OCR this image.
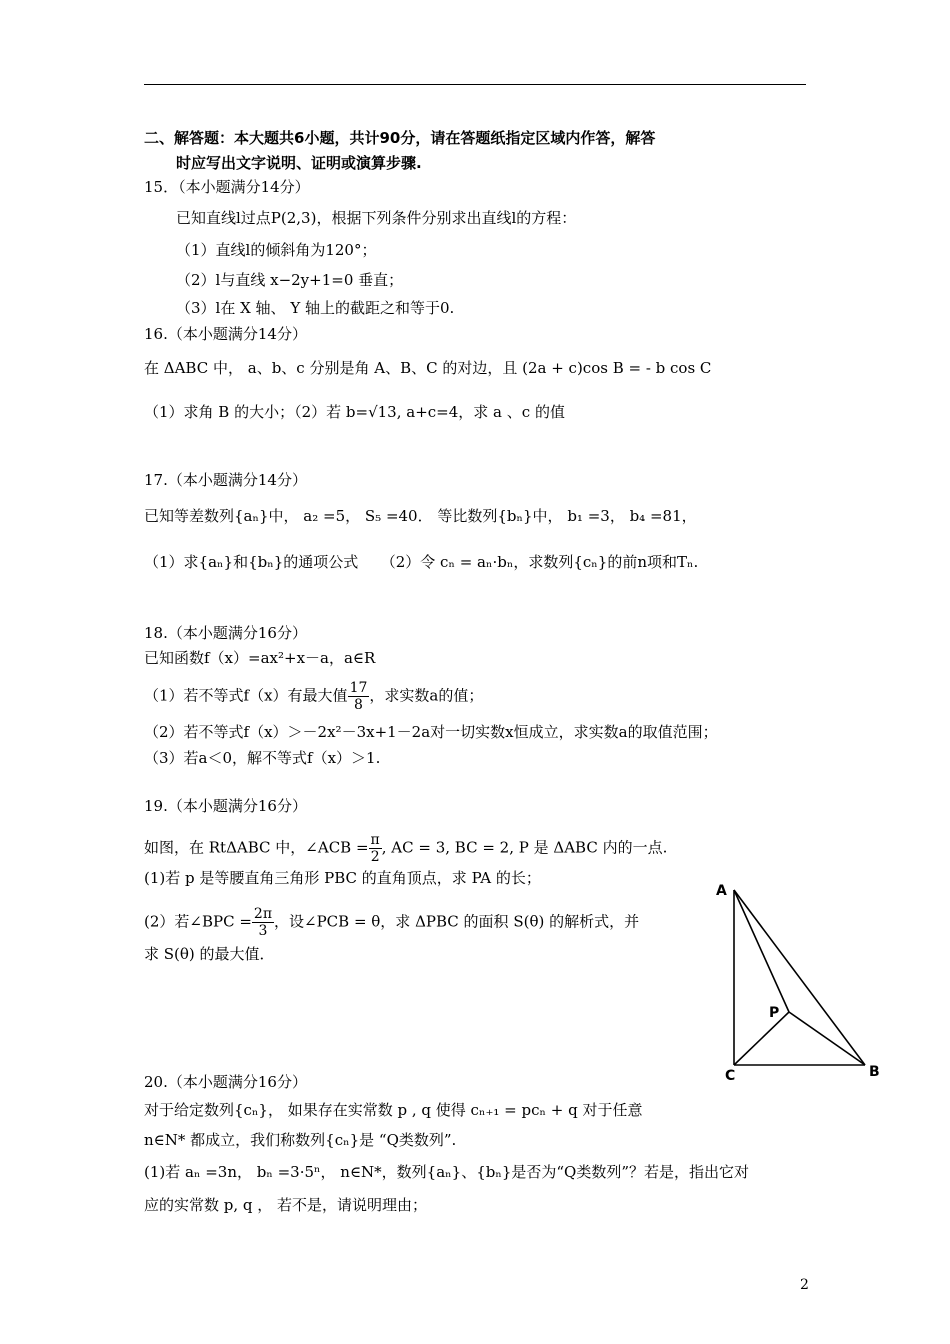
二、解答题：本大题共6小题，共计90分，请在答题纸指定区域内作答，解答
时应写出文字说明、证明或演算步骤.
15．（本小题满分14分）
已知直线l过点P(2,3)，根据下列条件分别求出直线l的方程：
（1）直线l的倾斜角为120°；
（2）l与直线 x−2y+1=0 垂直；
（3）l在 X 轴、 Y 轴上的截距之和等于0.
16.（本小题满分14分）
在 ΔABC 中， a、b、c 分别是角 A、B、C 的对边，且 (2a + c)cos B = - b cos C
（1）求角 B 的大小；（2）若 b=√13, a+c=4，求 a 、c 的值
17.（本小题满分14分）
已知等差数列{aₙ}中， a₂ =5， S₅ =40． 等比数列{bₙ}中， b₁ =3， b₄ =81，
（1）求{aₙ}和{bₙ}的通项公式　　（2）令 cₙ = aₙ·bₙ，求数列{cₙ}的前n项和Tₙ.
18.（本小题满分16分）
已知函数f（x）=ax²+x－a，a∈R
（1）若不等式f（x）有最大值 $\frac{17}{8}$ ，求实数a的值；
（2）若不等式f（x）＞－2x²－3x+1－2a对一切实数x恒成立，求实数a的取值范围；
（3）若a＜0，解不等式f（x）＞1.
19.（本小题满分16分）
如图，在 RtΔABC 中，∠ACB = $\frac{\pi}{2}$ , AC = 3, BC = 2, P 是 ΔABC 内的一点.
(1)若 p 是等腰直角三角形 PBC 的直角顶点，求 PA 的长；
(2）若∠BPC = $\frac{2\pi}{3}$ ，设∠PCB = θ，求 ΔPBC 的面积 S(θ) 的解析式，并
求 S(θ) 的最大值．
A
B
C
P
20.（本小题满分16分）
对于给定数列{cₙ}， 如果存在实常数 p , q 使得 cₙ₊₁ = pcₙ + q 对于任意
n∈N* 都成立，我们称数列{cₙ}是 “Q类数列”.
(1)若 aₙ =3n， bₙ =3·5ⁿ， n∈N*，数列{aₙ}、{bₙ}是否为“Q类数列”？若是，指出它对
应的实常数 p, q ， 若不是，请说明理由；
2
